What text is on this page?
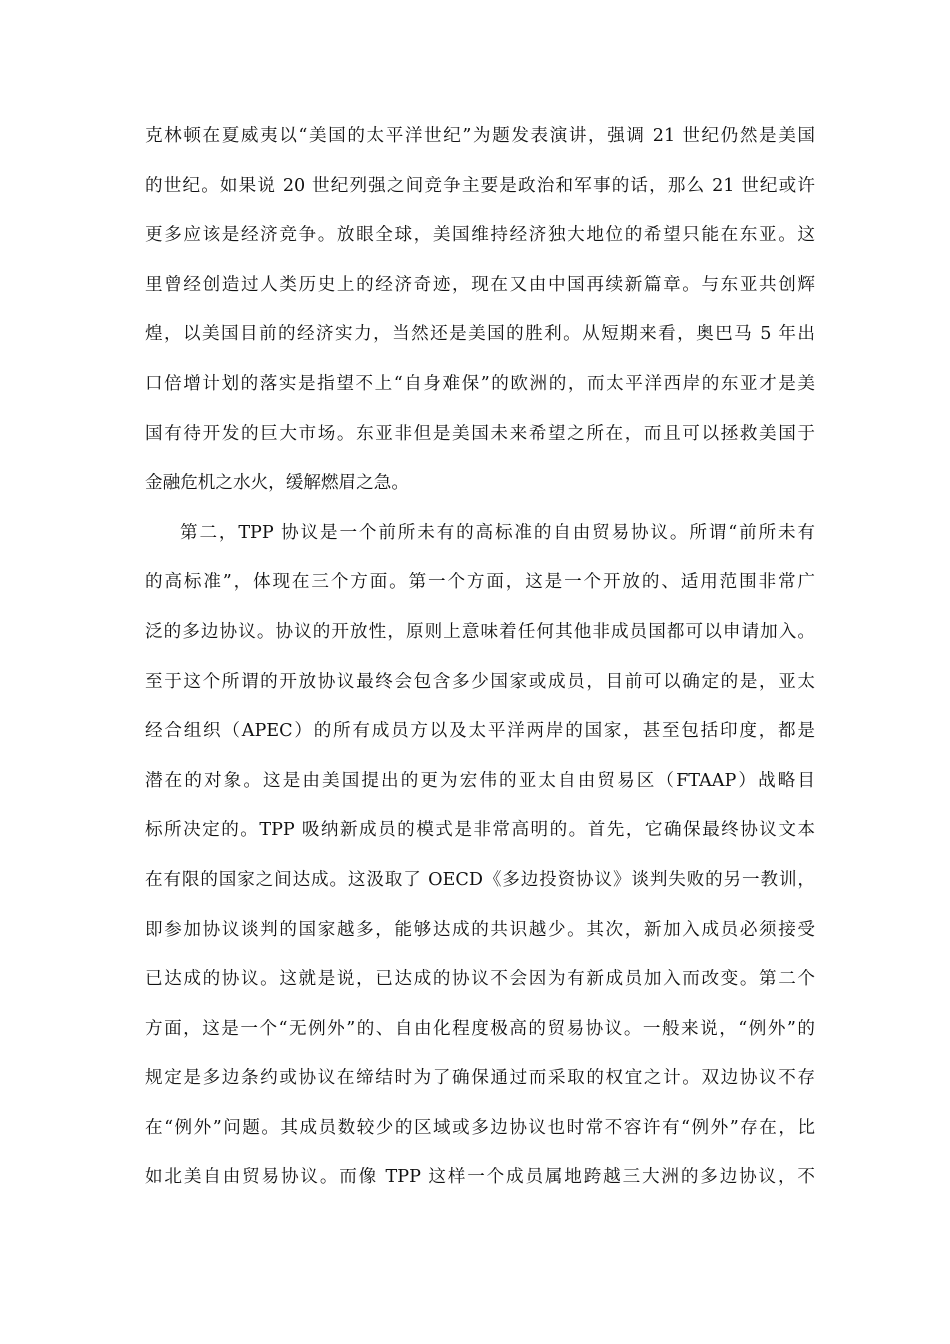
克林顿在夏威夷以“美国的太平洋世纪”为题发表演讲，强调 21 世纪仍然是美国
的世纪。如果说 20 世纪列强之间竞争主要是政治和军事的话，那么 21 世纪或许
更多应该是经济竞争。放眼全球，美国维持经济独大地位的希望只能在东亚。这
里曾经创造过人类历史上的经济奇迹，现在又由中国再续新篇章。与东亚共创辉
煌，以美国目前的经济实力，当然还是美国的胜利。从短期来看，奥巴马 5 年出
口倍增计划的落实是指望不上“自身难保”的欧洲的，而太平洋西岸的东亚才是美
国有待开发的巨大市场。东亚非但是美国未来希望之所在，而且可以拯救美国于
金融危机之水火，缓解燃眉之急。
第二，TPP 协议是一个前所未有的高标准的自由贸易协议。所谓“前所未有
的高标准”，体现在三个方面。第一个方面，这是一个开放的、适用范围非常广
泛的多边协议。协议的开放性，原则上意味着任何其他非成员国都可以申请加入。
至于这个所谓的开放协议最终会包含多少国家或成员，目前可以确定的是，亚太
经合组织（APEC）的所有成员方以及太平洋两岸的国家，甚至包括印度，都是
潜在的对象。这是由美国提出的更为宏伟的亚太自由贸易区（FTAAP）战略目
标所决定的。TPP 吸纳新成员的模式是非常高明的。首先，它确保最终协议文本
在有限的国家之间达成。这汲取了 OECD《多边投资协议》谈判失败的另一教训，
即参加协议谈判的国家越多，能够达成的共识越少。其次，新加入成员必须接受
已达成的协议。这就是说，已达成的协议不会因为有新成员加入而改变。第二个
方面，这是一个“无例外”的、自由化程度极高的贸易协议。一般来说，“例外”的
规定是多边条约或协议在缔结时为了确保通过而采取的权宜之计。双边协议不存
在“例外”问题。其成员数较少的区域或多边协议也时常不容许有“例外”存在，比
如北美自由贸易协议。而像 TPP 这样一个成员属地跨越三大洲的多边协议，不
